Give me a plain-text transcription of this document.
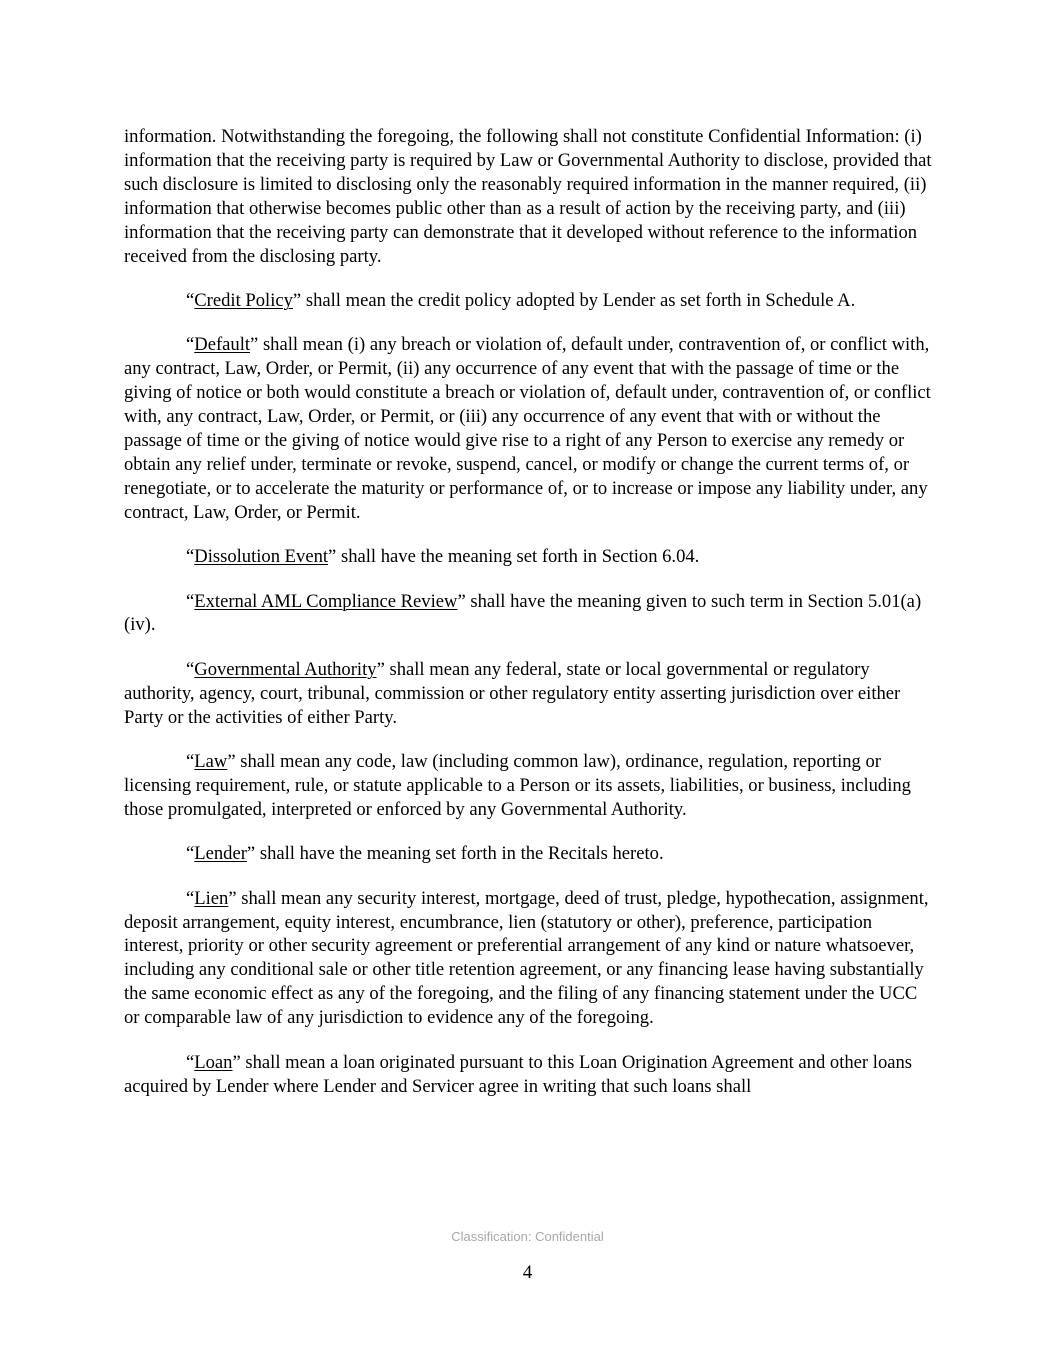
information. Notwithstanding the foregoing, the following shall not constitute Confidential Information: (i) information that the receiving party is required by Law or Governmental Authority to disclose, provided that such disclosure is limited to disclosing only the reasonably required information in the manner required, (ii) information that otherwise becomes public other than as a result of action by the receiving party, and (iii) information that the receiving party can demonstrate that it developed without reference to the information received from the disclosing party.

“Credit Policy” shall mean the credit policy adopted by Lender as set forth in Schedule A.

“Default” shall mean (i) any breach or violation of, default under, contravention of, or conflict with, any contract, Law, Order, or Permit, (ii) any occurrence of any event that with the passage of time or the giving of notice or both would constitute a breach or violation of, default under, contravention of, or conflict with, any contract, Law, Order, or Permit, or (iii) any occurrence of any event that with or without the passage of time or the giving of notice would give rise to a right of any Person to exercise any remedy or obtain any relief under, terminate or revoke, suspend, cancel, or modify or change the current terms of, or renegotiate, or to accelerate the maturity or performance of, or to increase or impose any liability under, any contract, Law, Order, or Permit.

“Dissolution Event” shall have the meaning set forth in Section 6.04.

“External AML Compliance Review” shall have the meaning given to such term in Section 5.01(a)(iv).

“Governmental Authority” shall mean any federal, state or local governmental or regulatory authority, agency, court, tribunal, commission or other regulatory entity asserting jurisdiction over either Party or the activities of either Party.

“Law” shall mean any code, law (including common law), ordinance, regulation, reporting or licensing requirement, rule, or statute applicable to a Person or its assets, liabilities, or business, including those promulgated, interpreted or enforced by any Governmental Authority.

“Lender” shall have the meaning set forth in the Recitals hereto.

“Lien” shall mean any security interest, mortgage, deed of trust, pledge, hypothecation, assignment, deposit arrangement, equity interest, encumbrance, lien (statutory or other), preference, participation interest, priority or other security agreement or preferential arrangement of any kind or nature whatsoever, including any conditional sale or other title retention agreement, or any financing lease having substantially the same economic effect as any of the foregoing, and the filing of any financing statement under the UCC or comparable law of any jurisdiction to evidence any of the foregoing.

“Loan” shall mean a loan originated pursuant to this Loan Origination Agreement and other loans acquired by Lender where Lender and Servicer agree in writing that such loans shall

Classification: Confidential
4
